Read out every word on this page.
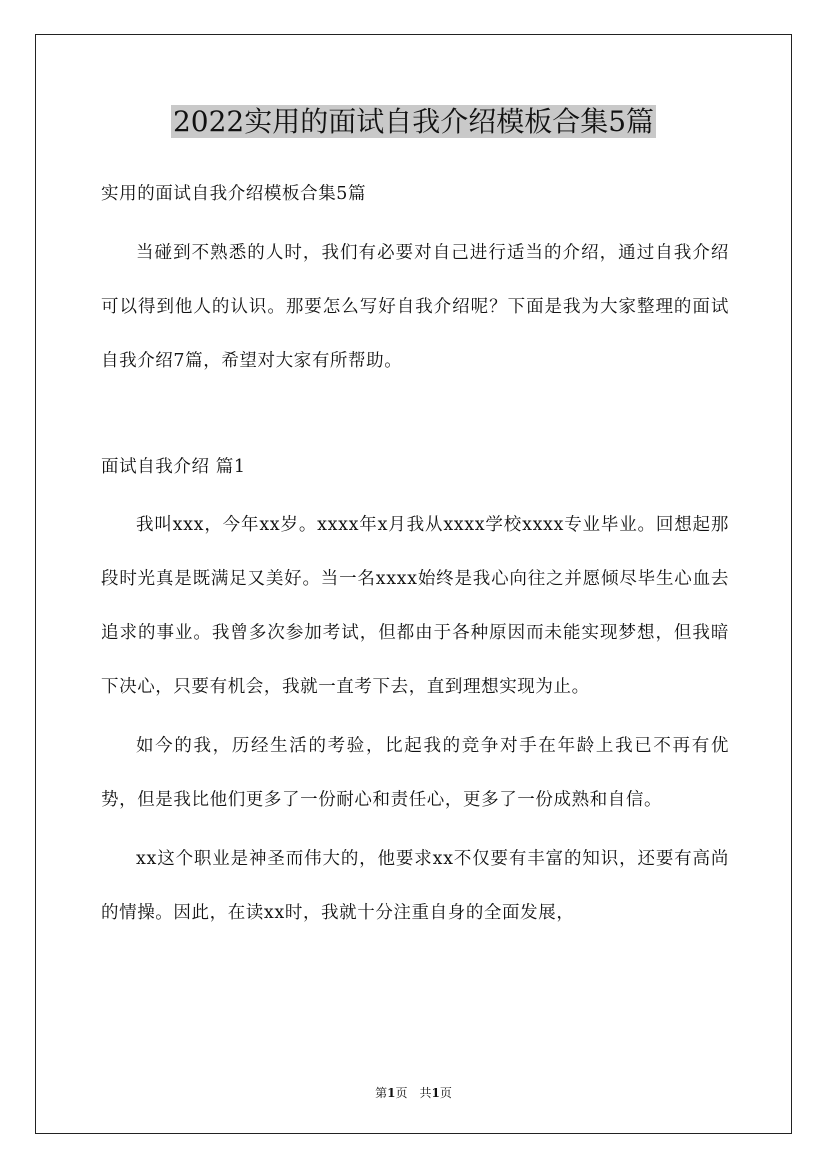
2022实用的面试自我介绍模板合集5篇

实用的面试自我介绍模板合集5篇

当碰到不熟悉的人时，我们有必要对自己进行适当的介绍，通过自我介绍可以得到他人的认识。那要怎么写好自我介绍呢？下面是我为大家整理的面试自我介绍7篇，希望对大家有所帮助。

面试自我介绍 篇1

我叫xxx，今年xx岁。xxxx年x月我从xxxx学校xxxx专业毕业。回想起那段时光真是既满足又美好。当一名xxxx始终是我心向往之并愿倾尽毕生心血去追求的事业。我曾多次参加考试，但都由于各种原因而未能实现梦想，但我暗下决心，只要有机会，我就一直考下去，直到理想实现为止。

如今的我，历经生活的考验，比起我的竞争对手在年龄上我已不再有优势，但是我比他们更多了一份耐心和责任心，更多了一份成熟和自信。

xx这个职业是神圣而伟大的，他要求xx不仅要有丰富的知识，还要有高尚的情操。因此，在读xx时，我就十分注重自身的全面发展，

第1页　共1页
